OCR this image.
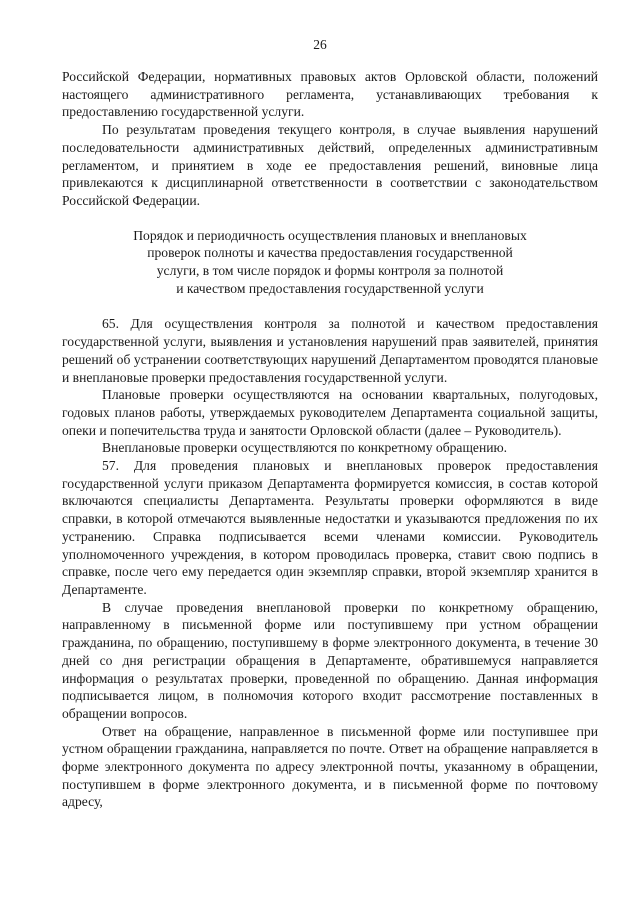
26

Российской Федерации, нормативных правовых актов Орловской области, положений настоящего административного регламента, устанавливающих требования к предоставлению государственной услуги.

По результатам проведения текущего контроля, в случае выявления нарушений последовательности административных действий, определенных административным регламентом, и принятием в ходе ее предоставления решений, виновные лица привлекаются к дисциплинарной ответственности в соответствии с законодательством Российской Федерации.

Порядок и периодичность осуществления плановых и внеплановых
проверок полноты и качества предоставления государственной
услуги, в том числе порядок и формы контроля за полнотой
и качеством предоставления государственной услуги

65. Для осуществления контроля за полнотой и качеством предоставления государственной услуги, выявления и установления нарушений прав заявителей, принятия решений об устранении соответствующих нарушений Департаментом проводятся плановые и внеплановые проверки предоставления государственной услуги.

Плановые проверки осуществляются на основании квартальных, полугодовых, годовых планов работы, утверждаемых руководителем Департамента социальной защиты, опеки и попечительства труда и занятости Орловской области (далее – Руководитель).

Внеплановые проверки осуществляются по конкретному обращению.

57. Для проведения плановых и внеплановых проверок предоставления государственной услуги приказом Департамента формируется комиссия, в состав которой включаются специалисты Департамента. Результаты проверки оформляются в виде справки, в которой отмечаются выявленные недостатки и указываются предложения по их устранению. Справка подписывается всеми членами комиссии. Руководитель уполномоченного учреждения, в котором проводилась проверка, ставит свою подпись в справке, после чего ему передается один экземпляр справки, второй экземпляр хранится в Департаменте.

В случае проведения внеплановой проверки по конкретному обращению, направленному в письменной форме или поступившему при устном обращении гражданина, по обращению, поступившему в форме электронного документа, в течение 30 дней со дня регистрации обращения в Департаменте, обратившемуся направляется информация о результатах проверки, проведенной по обращению. Данная информация подписывается лицом, в полномочия которого входит рассмотрение поставленных в обращении вопросов.

Ответ на обращение, направленное в письменной форме или поступившее при устном обращении гражданина, направляется по почте. Ответ на обращение направляется в форме электронного документа по адресу электронной почты, указанному в обращении, поступившем в форме электронного документа, и в письменной форме по почтовому адресу,
